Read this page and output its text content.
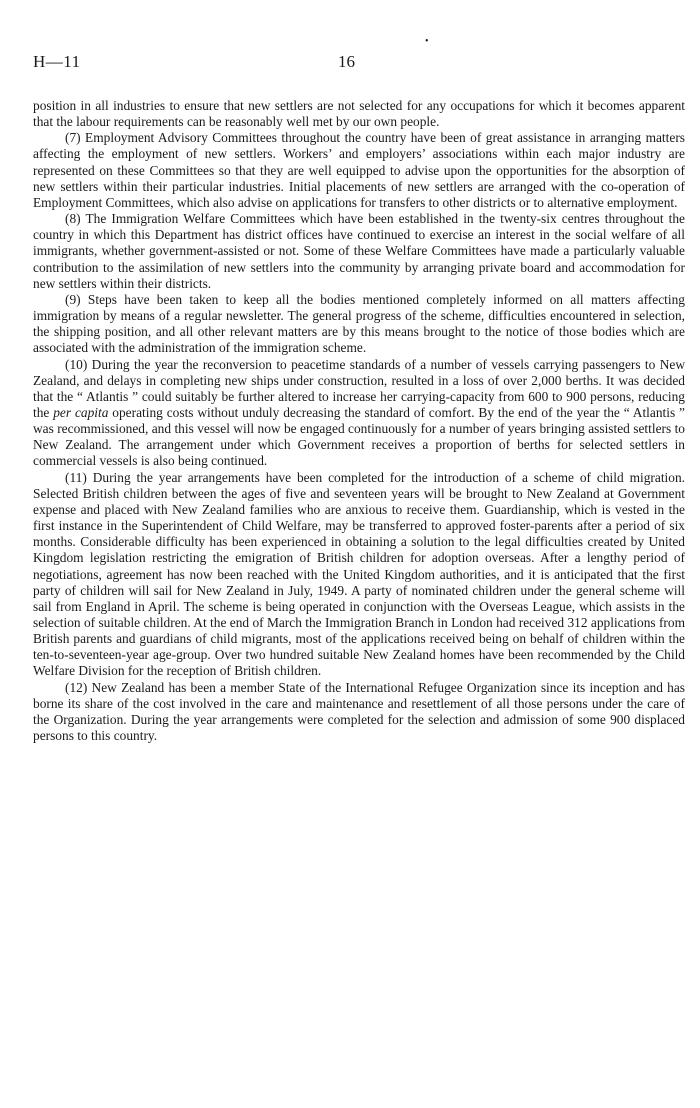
H—11	16
•

position in all industries to ensure that new settlers are not selected for any occupations for which it becomes apparent that the labour requirements can be reasonably well met by our own people.

(7) Employment Advisory Committees throughout the country have been of great assistance in arranging matters affecting the employment of new settlers. Workers’ and employers’ associations within each major industry are represented on these Committees so that they are well equipped to advise upon the opportunities for the absorption of new settlers within their particular industries. Initial placements of new settlers are arranged with the co-operation of Employment Committees, which also advise on applications for transfers to other districts or to alternative employment.

(8) The Immigration Welfare Committees which have been established in the twenty-six centres throughout the country in which this Department has district offices have continued to exercise an interest in the social welfare of all immigrants, whether government-assisted or not. Some of these Welfare Committees have made a particularly valuable contribution to the assimilation of new settlers into the community by arranging private board and accommodation for new settlers within their districts.

(9) Steps have been taken to keep all the bodies mentioned completely informed on all matters affecting immigration by means of a regular newsletter. The general progress of the scheme, difficulties encountered in selection, the shipping position, and all other relevant matters are by this means brought to the notice of those bodies which are associated with the administration of the immigration scheme.

(10) During the year the reconversion to peacetime standards of a number of vessels carrying passengers to New Zealand, and delays in completing new ships under construction, resulted in a loss of over 2,000 berths. It was decided that the “ Atlantis ” could suitably be further altered to increase her carrying-capacity from 600 to 900 persons, reducing the per capita operating costs without unduly decreasing the standard of comfort. By the end of the year the “ Atlantis ” was recommissioned, and this vessel will now be engaged continuously for a number of years bringing assisted settlers to New Zealand. The arrangement under which Government receives a proportion of berths for selected settlers in commercial vessels is also being continued.

(11) During the year arrangements have been completed for the introduction of a scheme of child migration. Selected British children between the ages of five and seventeen years will be brought to New Zealand at Government expense and placed with New Zealand families who are anxious to receive them. Guardianship, which is vested in the first instance in the Superintendent of Child Welfare, may be transferred to approved foster-parents after a period of six months. Considerable difficulty has been experienced in obtaining a solution to the legal difficulties created by United Kingdom legislation restricting the emigration of British children for adoption overseas. After a lengthy period of negotiations, agreement has now been reached with the United Kingdom authorities, and it is anticipated that the first party of children will sail for New Zealand in July, 1949. A party of nominated children under the general scheme will sail from England in April. The scheme is being operated in conjunction with the Overseas League, which assists in the selection of suitable children. At the end of March the Immigration Branch in London had received 312 applications from British parents and guardians of child migrants, most of the applications received being on behalf of children within the ten-to-seventeen-year age-group. Over two hundred suitable New Zealand homes have been recommended by the Child Welfare Division for the reception of British children.

(12) New Zealand has been a member State of the International Refugee Organization since its inception and has borne its share of the cost involved in the care and maintenance and resettlement of all those persons under the care of the Organization. During the year arrangements were completed for the selection and admission of some 900 displaced persons to this country.
